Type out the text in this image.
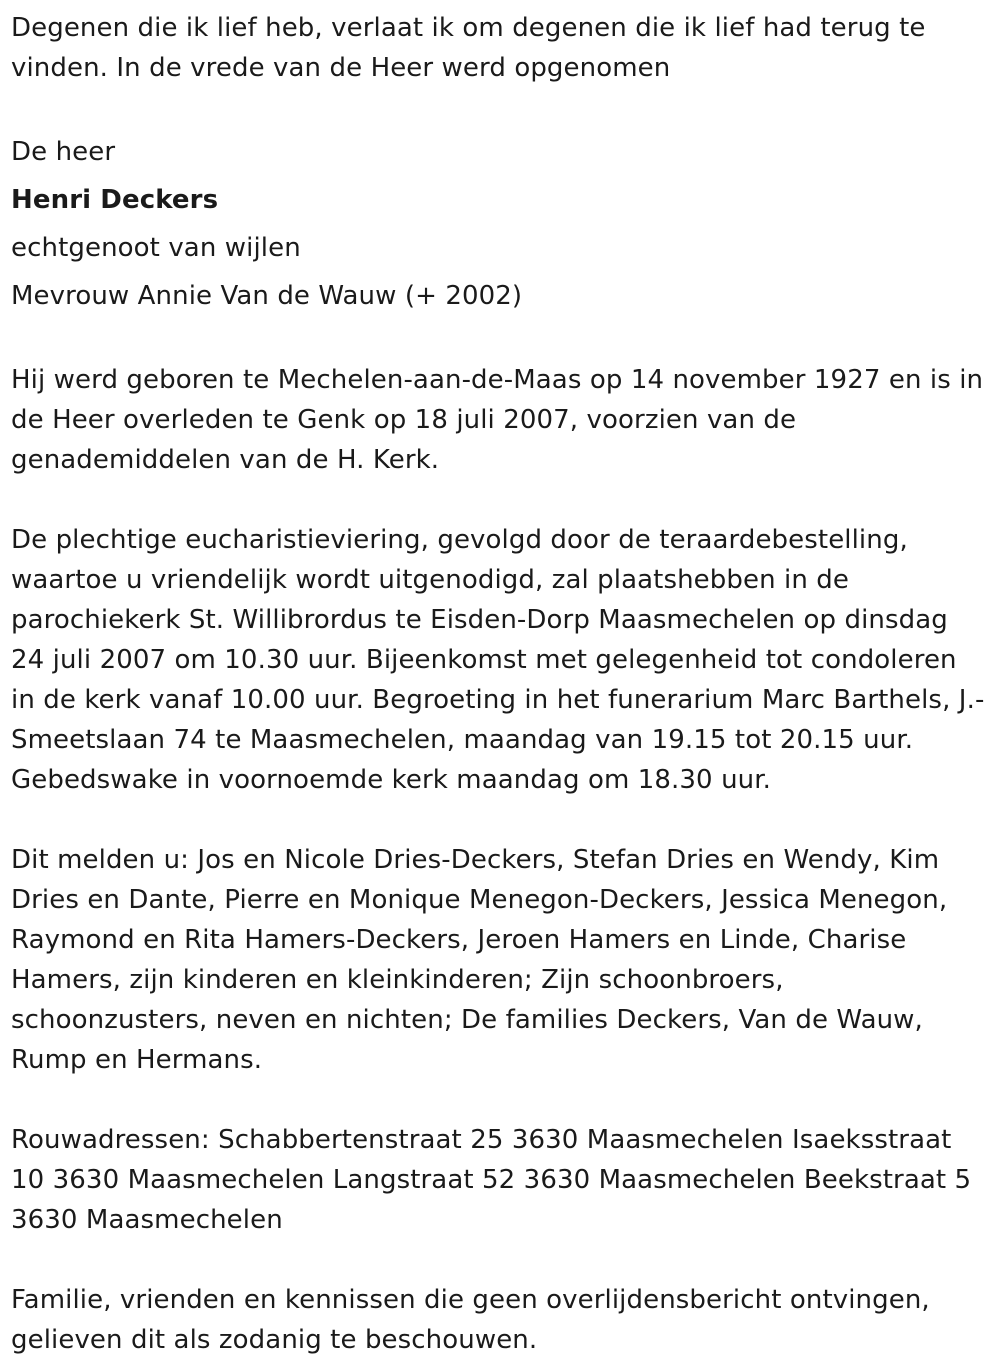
Degenen die ik lief heb, verlaat ik om degenen die ik lief had terug te vinden. In de vrede van de Heer werd opgenomen

De heer

Henri Deckers

echtgenoot van wijlen

Mevrouw Annie Van de Wauw (+ 2002)

Hij werd geboren te Mechelen-aan-de-Maas op 14 november 1927 en is in de Heer overleden te Genk op 18 juli 2007, voorzien van de genademiddelen van de H. Kerk.

De plechtige eucharistieviering, gevolgd door de teraardebestelling, waartoe u vriendelijk wordt uitgenodigd, zal plaatshebben in de parochiekerk St. Willibrordus te Eisden-Dorp Maasmechelen op dinsdag 24 juli 2007 om 10.30 uur. Bijeenkomst met gelegenheid tot condoleren in de kerk vanaf 10.00 uur. Begroeting in het funerarium Marc Barthels, J.-Smeetslaan 74 te Maasmechelen, maandag van 19.15 tot 20.15 uur. Gebedswake in voornoemde kerk maandag om 18.30 uur.

Dit melden u: Jos en Nicole Dries-Deckers, Stefan Dries en Wendy, Kim Dries en Dante, Pierre en Monique Menegon-Deckers, Jessica Menegon, Raymond en Rita Hamers-Deckers, Jeroen Hamers en Linde, Charise Hamers, zijn kinderen en kleinkinderen; Zijn schoonbroers, schoonzusters, neven en nichten; De families Deckers, Van de Wauw, Rump en Hermans.

Rouwadressen: Schabbertenstraat 25 3630 Maasmechelen Isaeksstraat 10 3630 Maasmechelen Langstraat 52 3630 Maasmechelen Beekstraat 5 3630 Maasmechelen

Familie, vrienden en kennissen die geen overlijdensbericht ontvingen, gelieven dit als zodanig te beschouwen.
